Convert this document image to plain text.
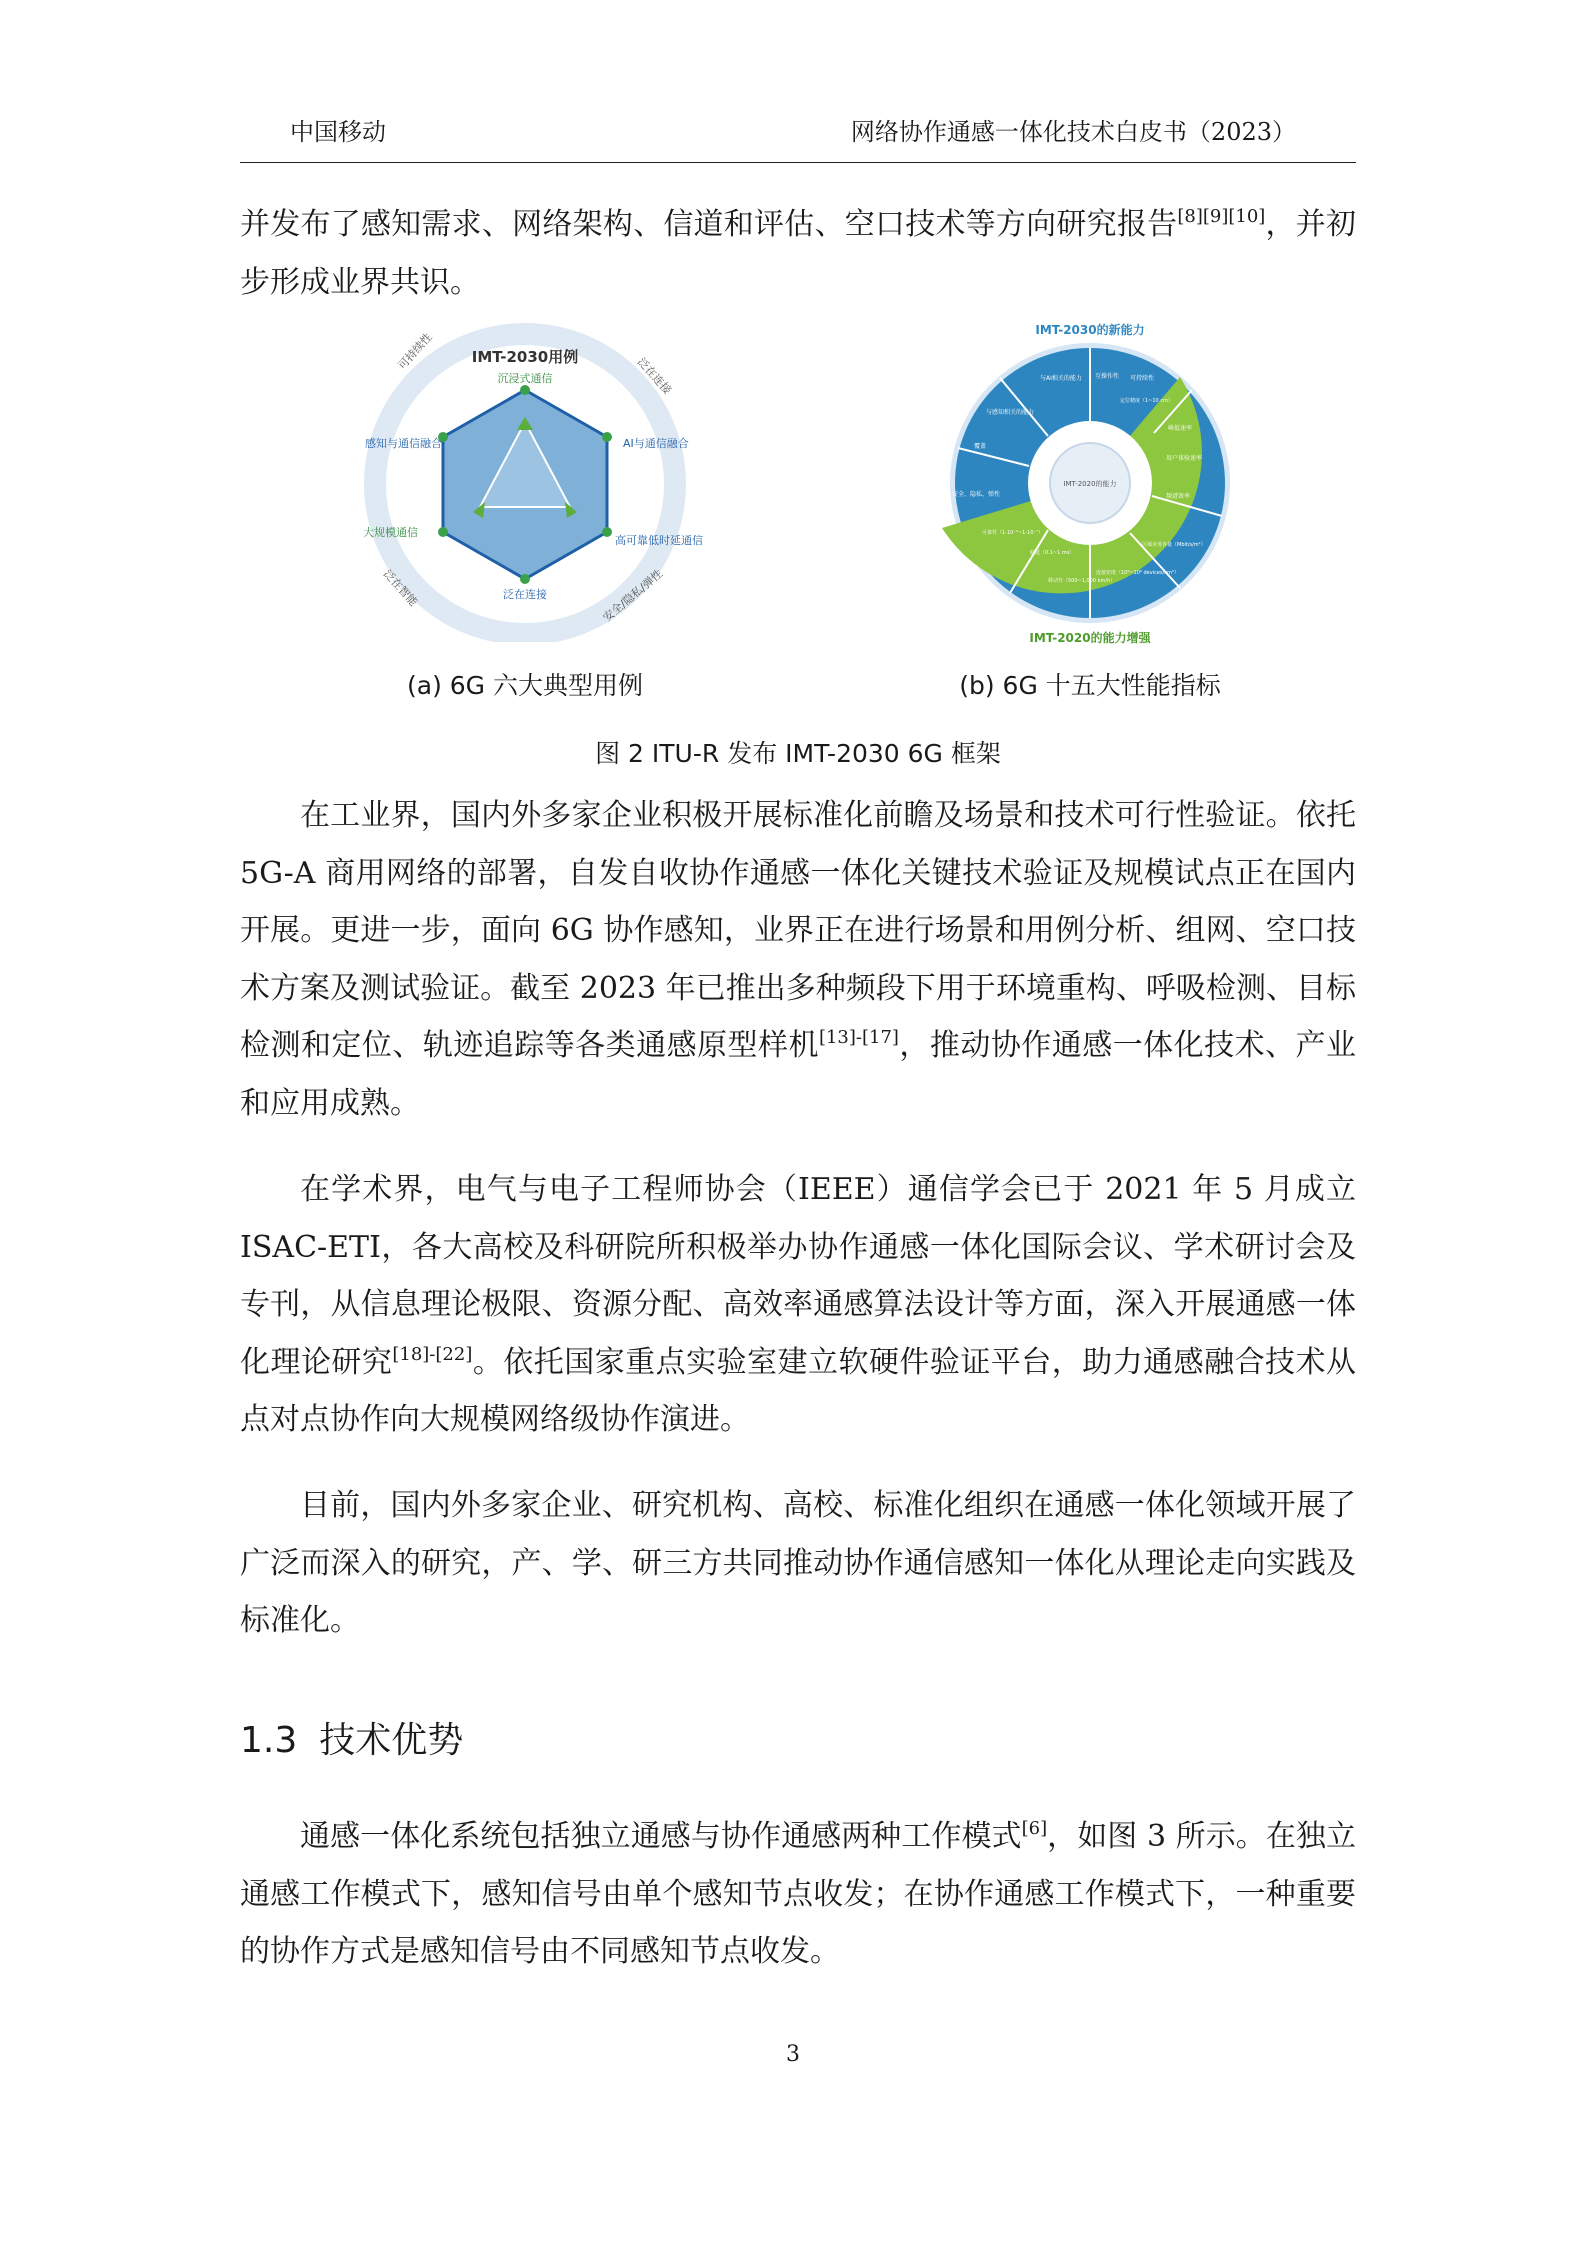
中国移动	网络协作通感一体化技术白皮书（2023）

并发布了感知需求、网络架构、信道和评估、空口技术等方向研究报告[8][9][10]，并初步形成业界共识。

IMT-2030用例
沉浸式通信
AI与通信融合
高可靠低时延通信
泛在连接
大规模通信
感知与通信融合
可持续性
泛在连接
安全/隐私/弹性
泛在智能
(a) 6G 六大典型用例
IMT-2030的新能力
IMT-2020的能力增强
IMT-2020的能力
与AI相关的能力
与感知相关的能力
互操作性 可持续性
定位精度（1~10 cm）
覆盖
峰值速率
用户体验速率
频谱效率
区域业务容量（Mbit/s/m²）
连接密度（10⁶~10⁸ devices/km²）
移动性（500~1,000 km/h）
时延（0.1~1 ms）
可靠性（1-10⁻⁵~1-10⁻⁷）
安全、隐私、弹性
(b) 6G 十五大性能指标
图 2 ITU-R 发布 IMT-2030 6G 框架

在工业界，国内外多家企业积极开展标准化前瞻及场景和技术可行性验证。依托 5G-A 商用网络的部署，自发自收协作通感一体化关键技术验证及规模试点正在国内开展。更进一步，面向 6G 协作感知，业界正在进行场景和用例分析、组网、空口技术方案及测试验证。截至 2023 年已推出多种频段下用于环境重构、呼吸检测、目标检测和定位、轨迹追踪等各类通感原型样机[13]-[17]，推动协作通感一体化技术、产业和应用成熟。

在学术界，电气与电子工程师协会（IEEE）通信学会已于 2021 年 5 月成立 ISAC-ETI，各大高校及科研院所积极举办协作通感一体化国际会议、学术研讨会及专刊，从信息理论极限、资源分配、高效率通感算法设计等方面，深入开展通感一体化理论研究[18]-[22]。依托国家重点实验室建立软硬件验证平台，助力通感融合技术从点对点协作向大规模网络级协作演进。

目前，国内外多家企业、研究机构、高校、标准化组织在通感一体化领域开展了广泛而深入的研究，产、学、研三方共同推动协作通信感知一体化从理论走向实践及标准化。

1.3 技术优势

通感一体化系统包括独立通感与协作通感两种工作模式[6]，如图 3 所示。在独立通感工作模式下，感知信号由单个感知节点收发；在协作通感工作模式下，一种重要的协作方式是感知信号由不同感知节点收发。

3
